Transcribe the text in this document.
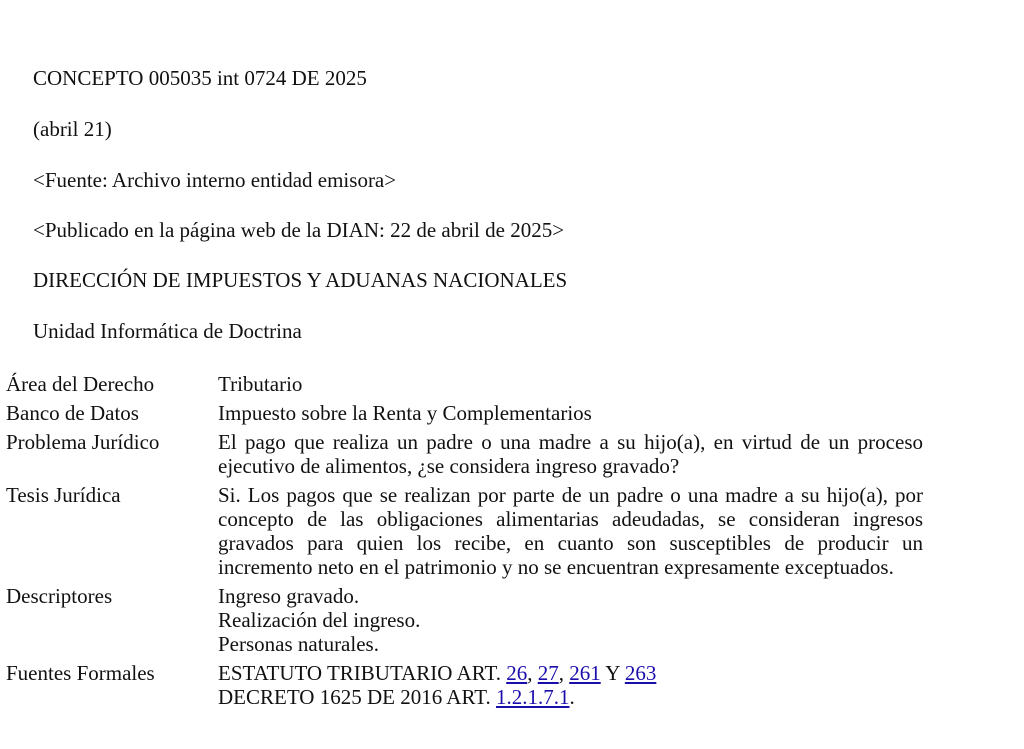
CONCEPTO 005035 int 0724 DE 2025
(abril 21)
<Fuente: Archivo interno entidad emisora>
<Publicado en la página web de la DIAN: 22 de abril de 2025>
DIRECCIÓN DE IMPUESTOS Y ADUANAS NACIONALES
Unidad Informática de Doctrina
Área del Derecho	Tributario
Banco de Datos	Impuesto sobre la Renta y Complementarios
Problema Jurídico	El pago que realiza un padre o una madre a su hijo(a), en virtud de un proceso ejecutivo de alimentos, ¿se considera ingreso gravado?
Tesis Jurídica	Si. Los pagos que se realizan por parte de un padre o una madre a su hijo(a), por concepto de las obligaciones alimentarias adeudadas, se consideran ingresos gravados para quien los recibe, en cuanto son susceptibles de producir un incremento neto en el patrimonio y no se encuentran expresamente exceptuados.
Descriptores	Ingreso gravado.
Realización del ingreso.
Personas naturales.
Fuentes Formales	ESTATUTO TRIBUTARIO ART. 26, 27, 261 Y 263
DECRETO 1625 DE 2016 ART. 1.2.1.7.1.
